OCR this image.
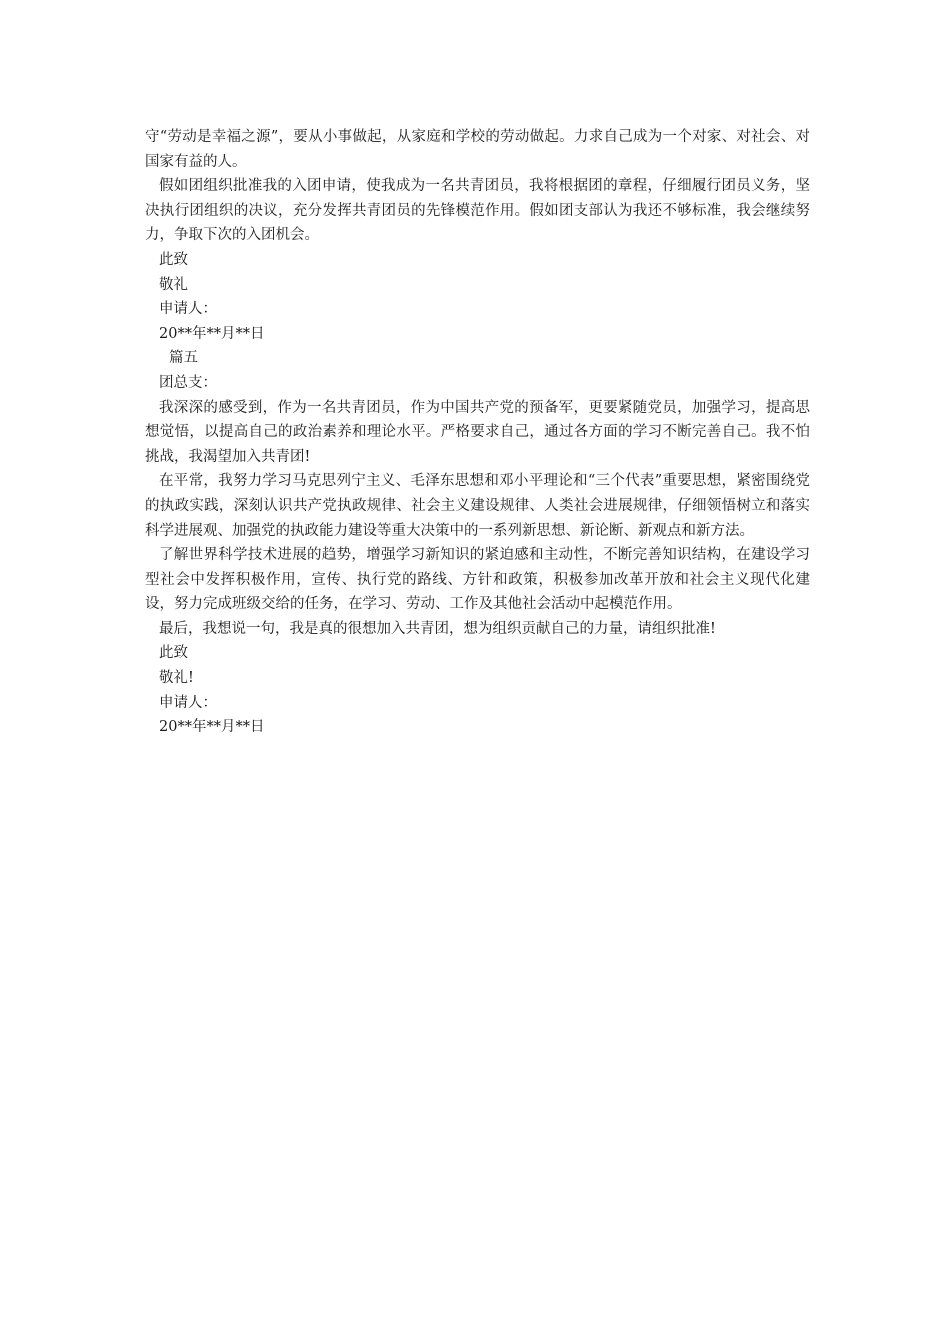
守“劳动是幸福之源”，要从小事做起，从家庭和学校的劳动做起。力求自己成为一个对家、对社会、对国家有益的人。

假如团组织批准我的入团申请，使我成为一名共青团员，我将根据团的章程，仔细履行团员义务，坚决执行团组织的决议，充分发挥共青团员的先锋模范作用。假如团支部认为我还不够标准，我会继续努力，争取下次的入团机会。

此致

敬礼

申请人：

20**年**月**日

篇五

团总支：

我深深的感受到，作为一名共青团员，作为中国共产党的预备军，更要紧随党员，加强学习，提高思想觉悟，以提高自己的政治素养和理论水平。严格要求自己，通过各方面的学习不断完善自己。我不怕挑战，我渴望加入共青团!

在平常，我努力学习马克思列宁主义、毛泽东思想和邓小平理论和“三个代表”重要思想，紧密围绕党的执政实践，深刻认识共产党执政规律、社会主义建设规律、人类社会进展规律，仔细领悟树立和落实科学进展观、加强党的执政能力建设等重大决策中的一系列新思想、新论断、新观点和新方法。

了解世界科学技术进展的趋势，增强学习新知识的紧迫感和主动性，不断完善知识结构，在建设学习型社会中发挥积极作用，宣传、执行党的路线、方针和政策，积极参加改革开放和社会主义现代化建设，努力完成班级交给的任务，在学习、劳动、工作及其他社会活动中起模范作用。

最后，我想说一句，我是真的很想加入共青团，想为组织贡献自己的力量，请组织批准!

此致

敬礼!

申请人：

20**年**月**日
